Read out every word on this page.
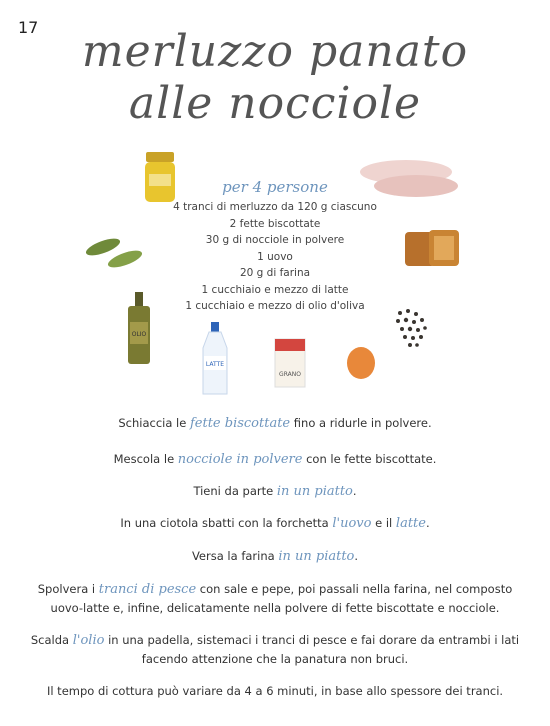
17 merluzzo panato
alle nocciole
OLIO
LATTE
GRANO
per 4 persone
4 tranci di merluzzo da 120 g ciascuno
2 fette biscottate
30 g di nocciole in polvere
1 uovo
20 g di farina
1 cucchiaio e mezzo di latte
1 cucchiaio e mezzo di olio d'oliva
Schiaccia le fette biscottate fino a ridurle in polvere.
Mescola le nocciole in polvere con le fette biscottate.
Tieni da parte in un piatto.
In una ciotola sbatti con la forchetta l'uovo e il latte.
Versa la farina in un piatto.
Spolvera i tranci di pesce con sale e pepe, poi passali nella farina, nel composto uovo-latte e, infine, delicatamente nella polvere di fette biscottate e nocciole.
Scalda l'olio in una padella, sistemaci i tranci di pesce e fai dorare da entrambi i lati facendo attenzione che la panatura non bruci.
Il tempo di cottura può variare da 4 a 6 minuti, in base allo spessore dei tranci.
